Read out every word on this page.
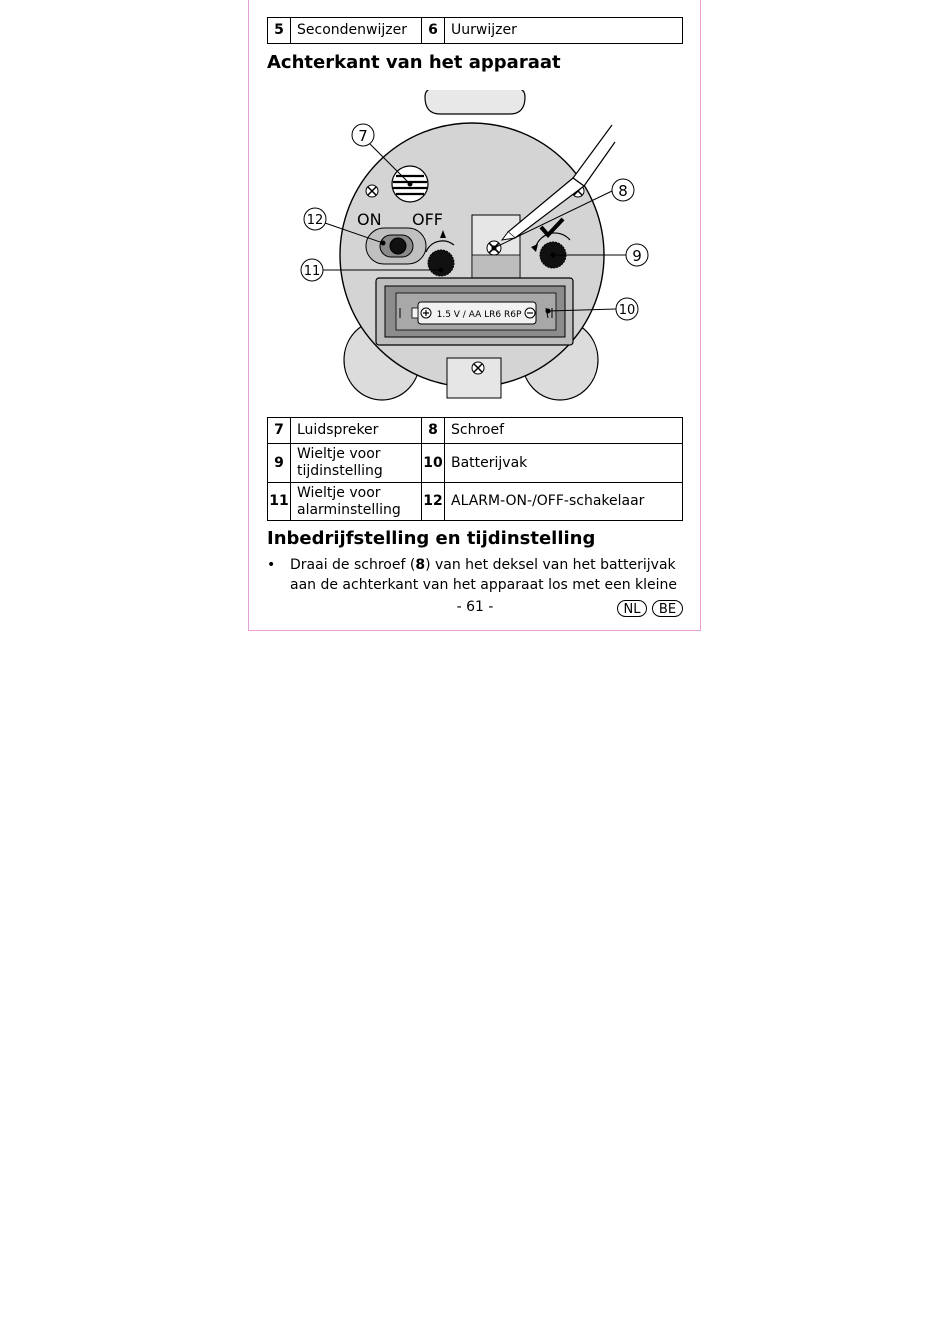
5	Secondenwijzer	6	Uurwijzer
Achterkant van het apparaat
ON OFF
1.5 V / AA LR6 R6P
7
8
9
10
11
12
7	Luidspreker	8	Schroef
9	Wieltje voor tijdinstelling	10	Batterijvak
11	Wieltje voor alarminstelling	12	ALARM-ON-/OFF-schakelaar
Inbedrijfstelling en tijdinstelling
• Draai de schroef (8) van het deksel van het batterijvak aan de achterkant van het apparaat los met een kleine
- 61 -	NL	BE
